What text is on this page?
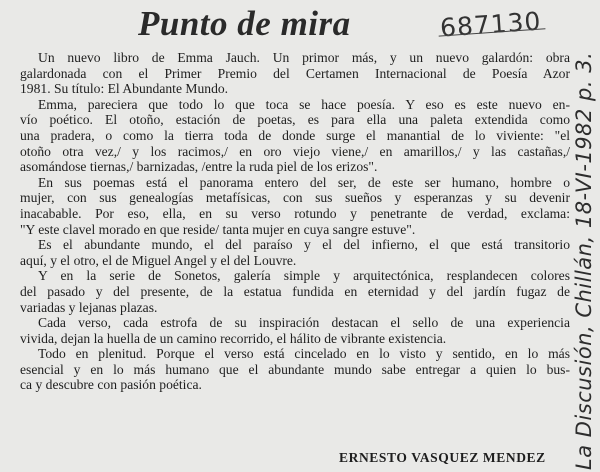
Punto de mira	687130
Un nuevo libro de Emma Jauch. Un primor más, y un nuevo galardón: obra
galardonada con el Primer Premio del Certamen Internacional de Poesía Azor
1981. Su título: El Abundante Mundo.
Emma, pareciera que todo lo que toca se hace poesía. Y eso es este nuevo en-
vío poético. El otoño, estación de poetas, es para ella una paleta extendida como
una pradera, o como la tierra toda de donde surge el manantial de lo viviente: "el
otoño otra vez,/ y los racimos,/ en oro viejo viene,/ en amarillos,/ y las castañas,/
asomándose tiernas,/ barnizadas, /entre la ruda piel de los erizos".
En sus poemas está el panorama entero del ser, de este ser humano, hombre o
mujer, con sus genealogías metafísicas, con sus sueños y esperanzas y su devenir
inacabable. Por eso, ella, en su verso rotundo y penetrante de verdad, exclama:
"Y este clavel morado en que reside/ tanta mujer en cuya sangre estuve".
Es el abundante mundo, el del paraíso y el del infierno, el que está transitorio
aquí, y el otro, el de Miguel Angel y el del Louvre.
Y en la serie de Sonetos, galería simple y arquitectónica, resplandecen colores
del pasado y del presente, de la estatua fundida en eternidad y del jardín fugaz de
variadas y lejanas plazas.
Cada verso, cada estrofa de su inspiración destacan el sello de una experiencia
vivida, dejan la huella de un camino recorrido, el hálito de vibrante existencia.
Todo en plenitud. Porque el verso está cincelado en lo visto y sentido, en lo más
esencial y en lo más humano que el abundante mundo sabe entregar a quien lo bus-
ca y descubre con pasión poética.
ERNESTO VASQUEZ MENDEZ La Discusión, Chillán, 18-VI-1982 p. 3.
